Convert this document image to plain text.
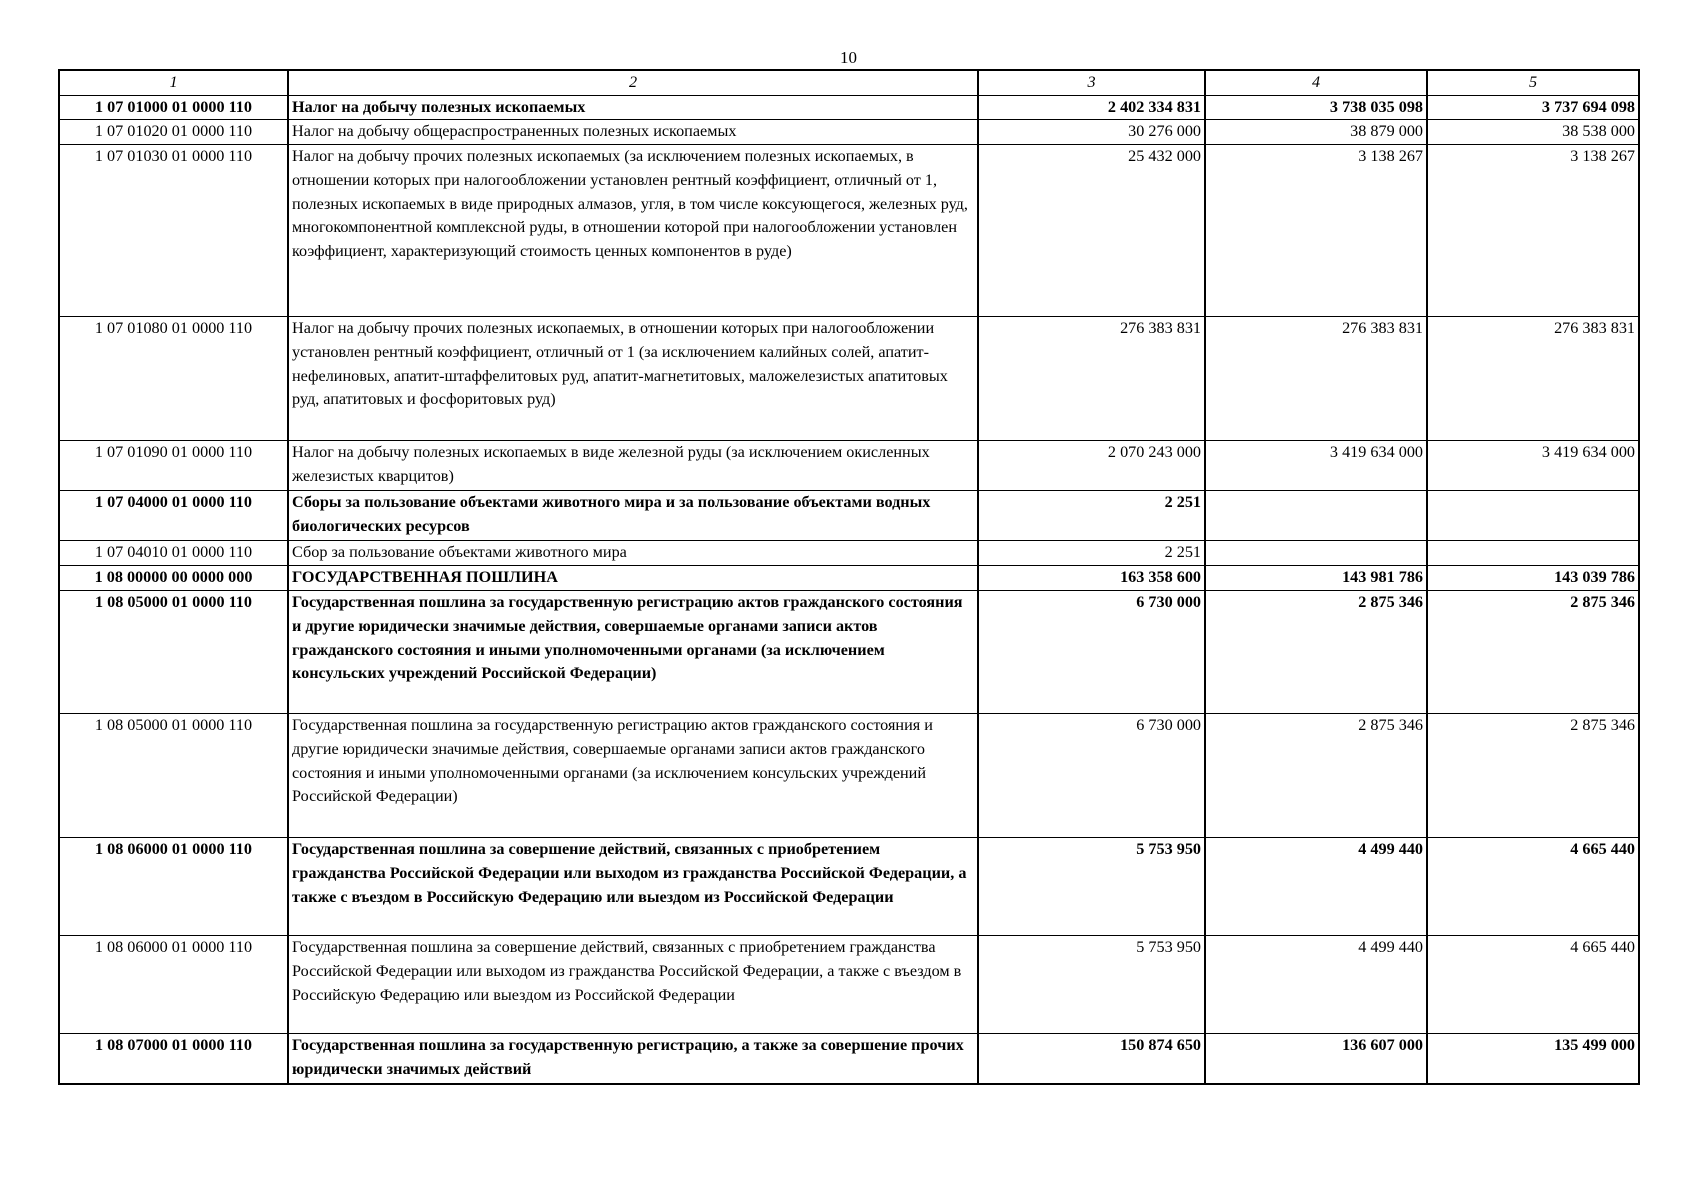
10
1	2	3	4	5
1 07 01000 01 0000 110	Налог на добычу полезных ископаемых	2 402 334 831	3 738 035 098	3 737 694 098
1 07 01020 01 0000 110	Налог на добычу общераспространенных полезных ископаемых	30 276 000	38 879 000	38 538 000
1 07 01030 01 0000 110	Налог на добычу прочих полезных ископаемых (за исключением полезных ископаемых, в отношении которых при налогообложении установлен рентный коэффициент, отличный от 1, полезных ископаемых в виде природных алмазов, угля, в том числе коксующегося, железных руд, многокомпонентной комплексной руды, в отношении которой при налогообложении установлен коэффициент, характеризующий стоимость ценных компонентов в руде)	25 432 000	3 138 267	3 138 267
1 07 01080 01 0000 110	Налог на добычу прочих полезных ископаемых, в отношении которых при налогообложении установлен рентный коэффициент, отличный от 1 (за исключением калийных солей, апатит-нефелиновых, апатит-штаффелитовых руд, апатит-магнетитовых, маложелезистых апатитовых руд, апатитовых и фосфоритовых руд)	276 383 831	276 383 831	276 383 831
1 07 01090 01 0000 110	Налог на добычу полезных ископаемых в виде железной руды (за исключением окисленных железистых кварцитов)	2 070 243 000	3 419 634 000	3 419 634 000
1 07 04000 01 0000 110	Сборы за пользование объектами животного мира и за пользование объектами водных биологических ресурсов	2 251		
1 07 04010 01 0000 110	Сбор за пользование объектами животного мира	2 251		
1 08 00000 00 0000 000	ГОСУДАРСТВЕННАЯ ПОШЛИНА	163 358 600	143 981 786	143 039 786
1 08 05000 01 0000 110	Государственная пошлина за государственную регистрацию актов гражданского состояния и другие юридически значимые действия, совершаемые органами записи актов гражданского состояния и иными уполномоченными органами (за исключением консульских учреждений Российской Федерации)	6 730 000	2 875 346	2 875 346
1 08 05000 01 0000 110	Государственная пошлина за государственную регистрацию актов гражданского состояния и другие юридически значимые действия, совершаемые органами записи актов гражданского состояния и иными уполномоченными органами (за исключением консульских учреждений Российской Федерации)	6 730 000	2 875 346	2 875 346
1 08 06000 01 0000 110	Государственная пошлина за совершение действий, связанных с приобретением гражданства Российской Федерации или выходом из гражданства Российской Федерации, а также с въездом в Российскую Федерацию или выездом из Российской Федерации	5 753 950	4 499 440	4 665 440
1 08 06000 01 0000 110	Государственная пошлина за совершение действий, связанных с приобретением гражданства Российской Федерации или выходом из гражданства Российской Федерации, а также с въездом в Российскую Федерацию или выездом из Российской Федерации	5 753 950	4 499 440	4 665 440
1 08 07000 01 0000 110	Государственная пошлина за государственную регистрацию, а также за совершение прочих юридически значимых действий	150 874 650	136 607 000	135 499 000
